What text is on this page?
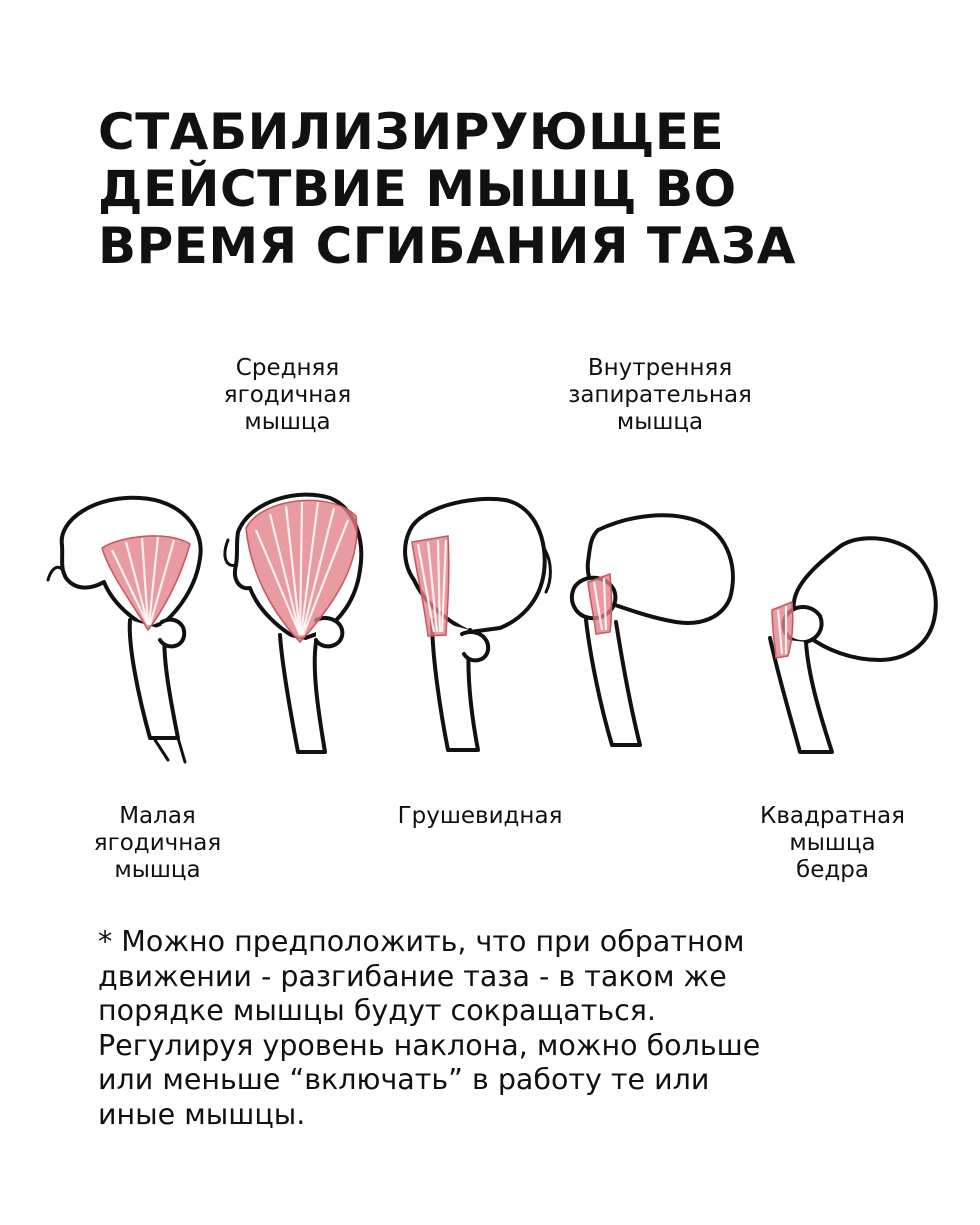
СТАБИЛИЗИРУЮЩЕЕ
ДЕЙСТВИЕ МЫШЦ ВО
ВРЕМЯ СГИБАНИЯ ТАЗА
Средняя
ягодичная
мышца
Внутренняя
запирательная
мышца
Малая
ягодичная
мышца
Грушевидная	Квадратная
мышца
бедра
* Можно предположить, что при обратном
движении - разгибание таза - в таком же
порядке мышцы будут сокращаться.
Регулируя уровень наклона, можно больше
или меньше “включать” в работу те или
иные мышцы.
